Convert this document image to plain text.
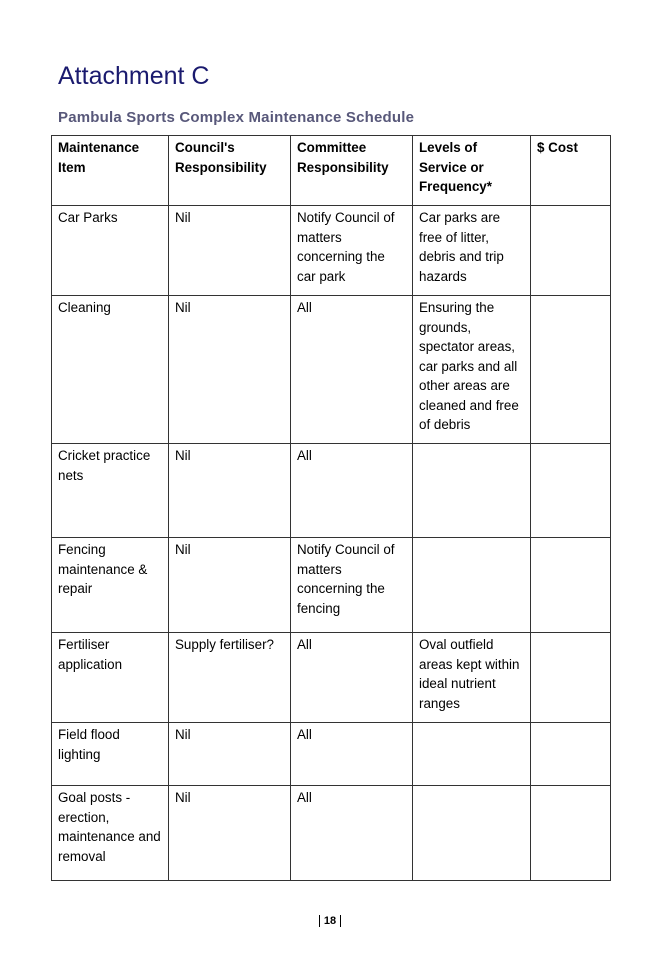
Attachment C
Pambula Sports Complex Maintenance Schedule
Maintenance Item	Council's Responsibility	Committee Responsibility	Levels of Service or Frequency*	$ Cost
Car Parks	Nil	Notify Council of matters concerning the car park	Car parks are free of litter, debris and trip hazards	
Cleaning	Nil	All	Ensuring the grounds, spectator areas, car parks and all other areas are cleaned and free of debris	
Cricket practice nets	Nil	All		
Fencing maintenance & repair	Nil	Notify Council of matters concerning the fencing		
Fertiliser application	Supply fertiliser?	All	Oval outfield areas kept within ideal nutrient ranges	
Field flood lighting	Nil	All		
Goal posts - erection, maintenance and removal	Nil	All		
18
